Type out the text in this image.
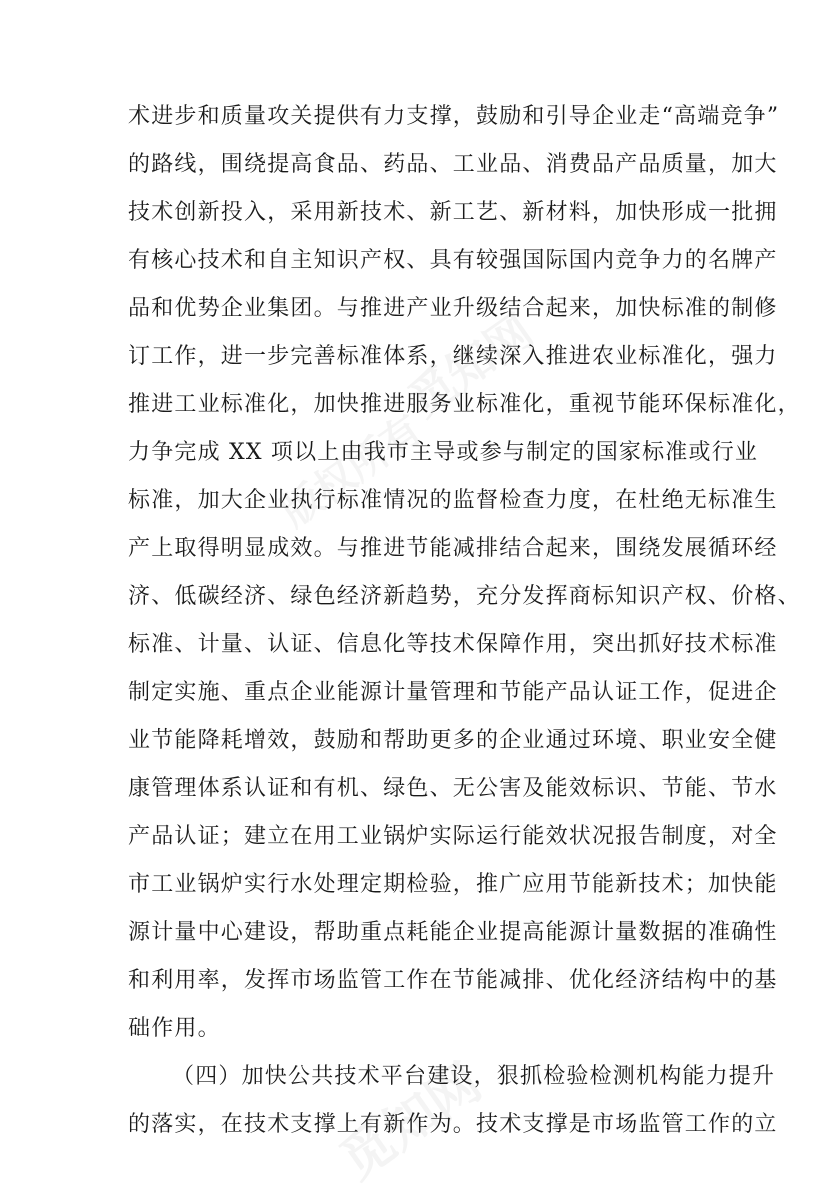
觅知网
版权所有
觅知网
术进步和质量攻关提供有力支撑，鼓励和引导企业走“高端竞争”
的路线，围绕提高食品、药品、工业品、消费品产品质量，加大
技术创新投入，采用新技术、新工艺、新材料，加快形成一批拥
有核心技术和自主知识产权、具有较强国际国内竞争力的名牌产
品和优势企业集团。与推进产业升级结合起来，加快标准的制修
订工作，进一步完善标准体系，继续深入推进农业标准化，强力
推进工业标准化，加快推进服务业标准化，重视节能环保标准化，
力争完成 XX 项以上由我市主导或参与制定的国家标准或行业
标准，加大企业执行标准情况的监督检查力度，在杜绝无标准生
产上取得明显成效。与推进节能减排结合起来，围绕发展循环经
济、低碳经济、绿色经济新趋势，充分发挥商标知识产权、价格、
标准、计量、认证、信息化等技术保障作用，突出抓好技术标准
制定实施、重点企业能源计量管理和节能产品认证工作，促进企
业节能降耗增效，鼓励和帮助更多的企业通过环境、职业安全健
康管理体系认证和有机、绿色、无公害及能效标识、节能、节水
产品认证；建立在用工业锅炉实际运行能效状况报告制度，对全
市工业锅炉实行水处理定期检验，推广应用节能新技术；加快能
源计量中心建设，帮助重点耗能企业提高能源计量数据的准确性
和利用率，发挥市场监管工作在节能减排、优化经济结构中的基
础作用。
（四）加快公共技术平台建设，狠抓检验检测机构能力提升
的落实，在技术支撑上有新作为。技术支撑是市场监管工作的立
